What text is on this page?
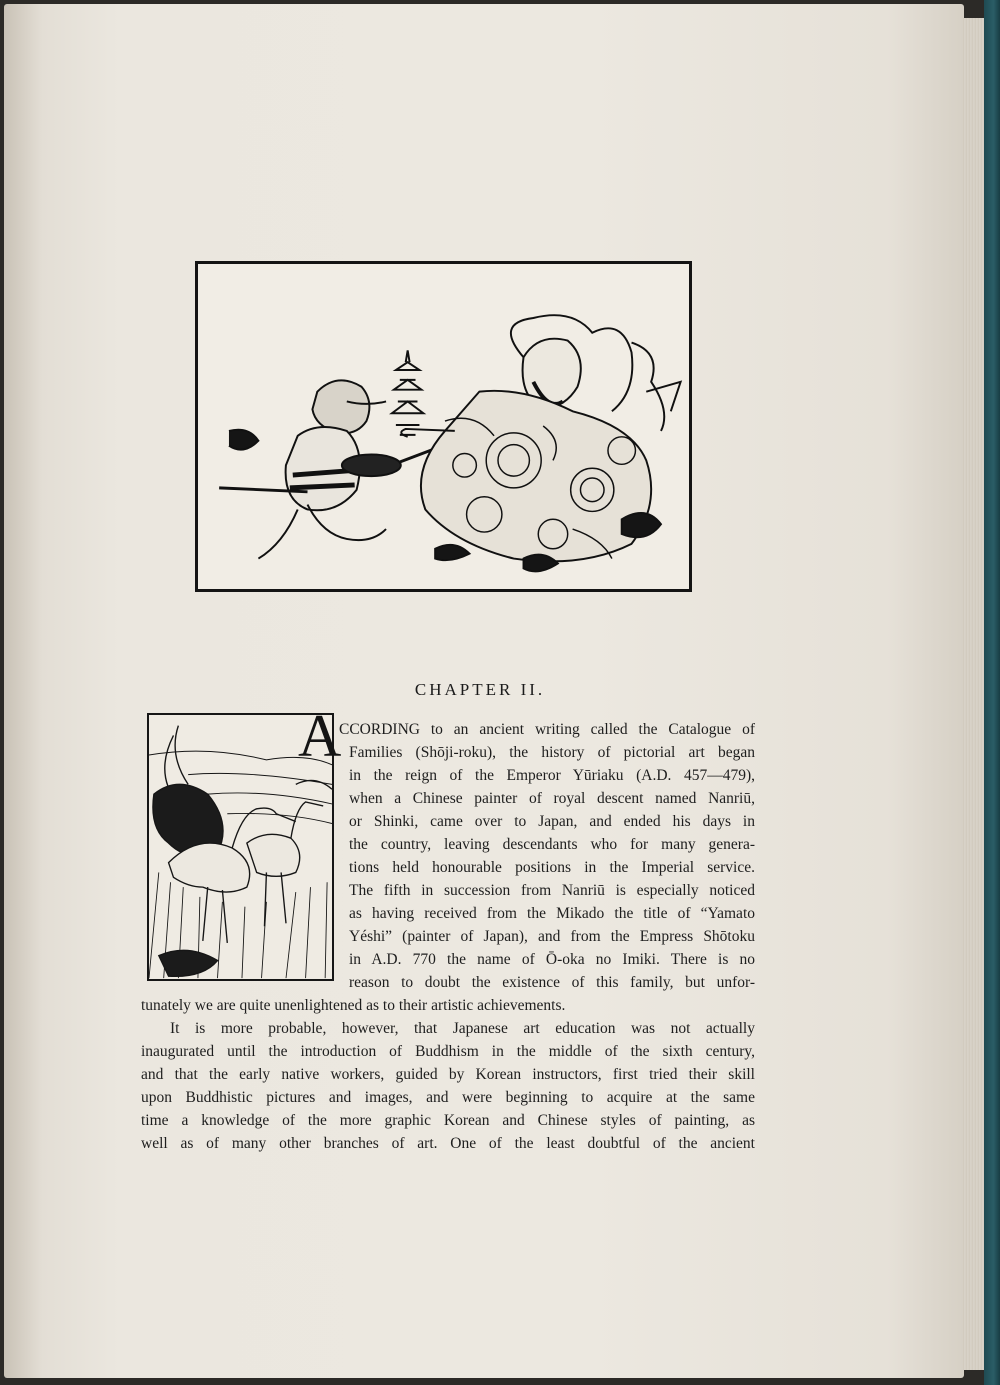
CHAPTER II.
A
CCORDING to an ancient writing called the Catalogue of
Families (Shōji-roku), the history of pictorial art began
in the reign of the Emperor Yūriaku (A.D. 457—479),
when a Chinese painter of royal descent named Nanriū,
or Shinki, came over to Japan, and ended his days in
the country, leaving descendants who for many genera-
tions held honourable positions in the Imperial service.
The fifth in succession from Nanriū is especially noticed
as having received from the Mikado the title of “Yamato
Yéshi” (painter of Japan), and from the Empress Shōtoku
in A.D. 770 the name of Ō-oka no Imiki. There is no
reason to doubt the existence of this family, but unfor-
tunately we are quite unenlightened as to their artistic achievements.
It is more probable, however, that Japanese art education was not actually
inaugurated until the introduction of Buddhism in the middle of the sixth century,
and that the early native workers, guided by Korean instructors, first tried their skill
upon Buddhistic pictures and images, and were beginning to acquire at the same
time a knowledge of the more graphic Korean and Chinese styles of painting, as
well as of many other branches of art. One of the least doubtful of the ancient
